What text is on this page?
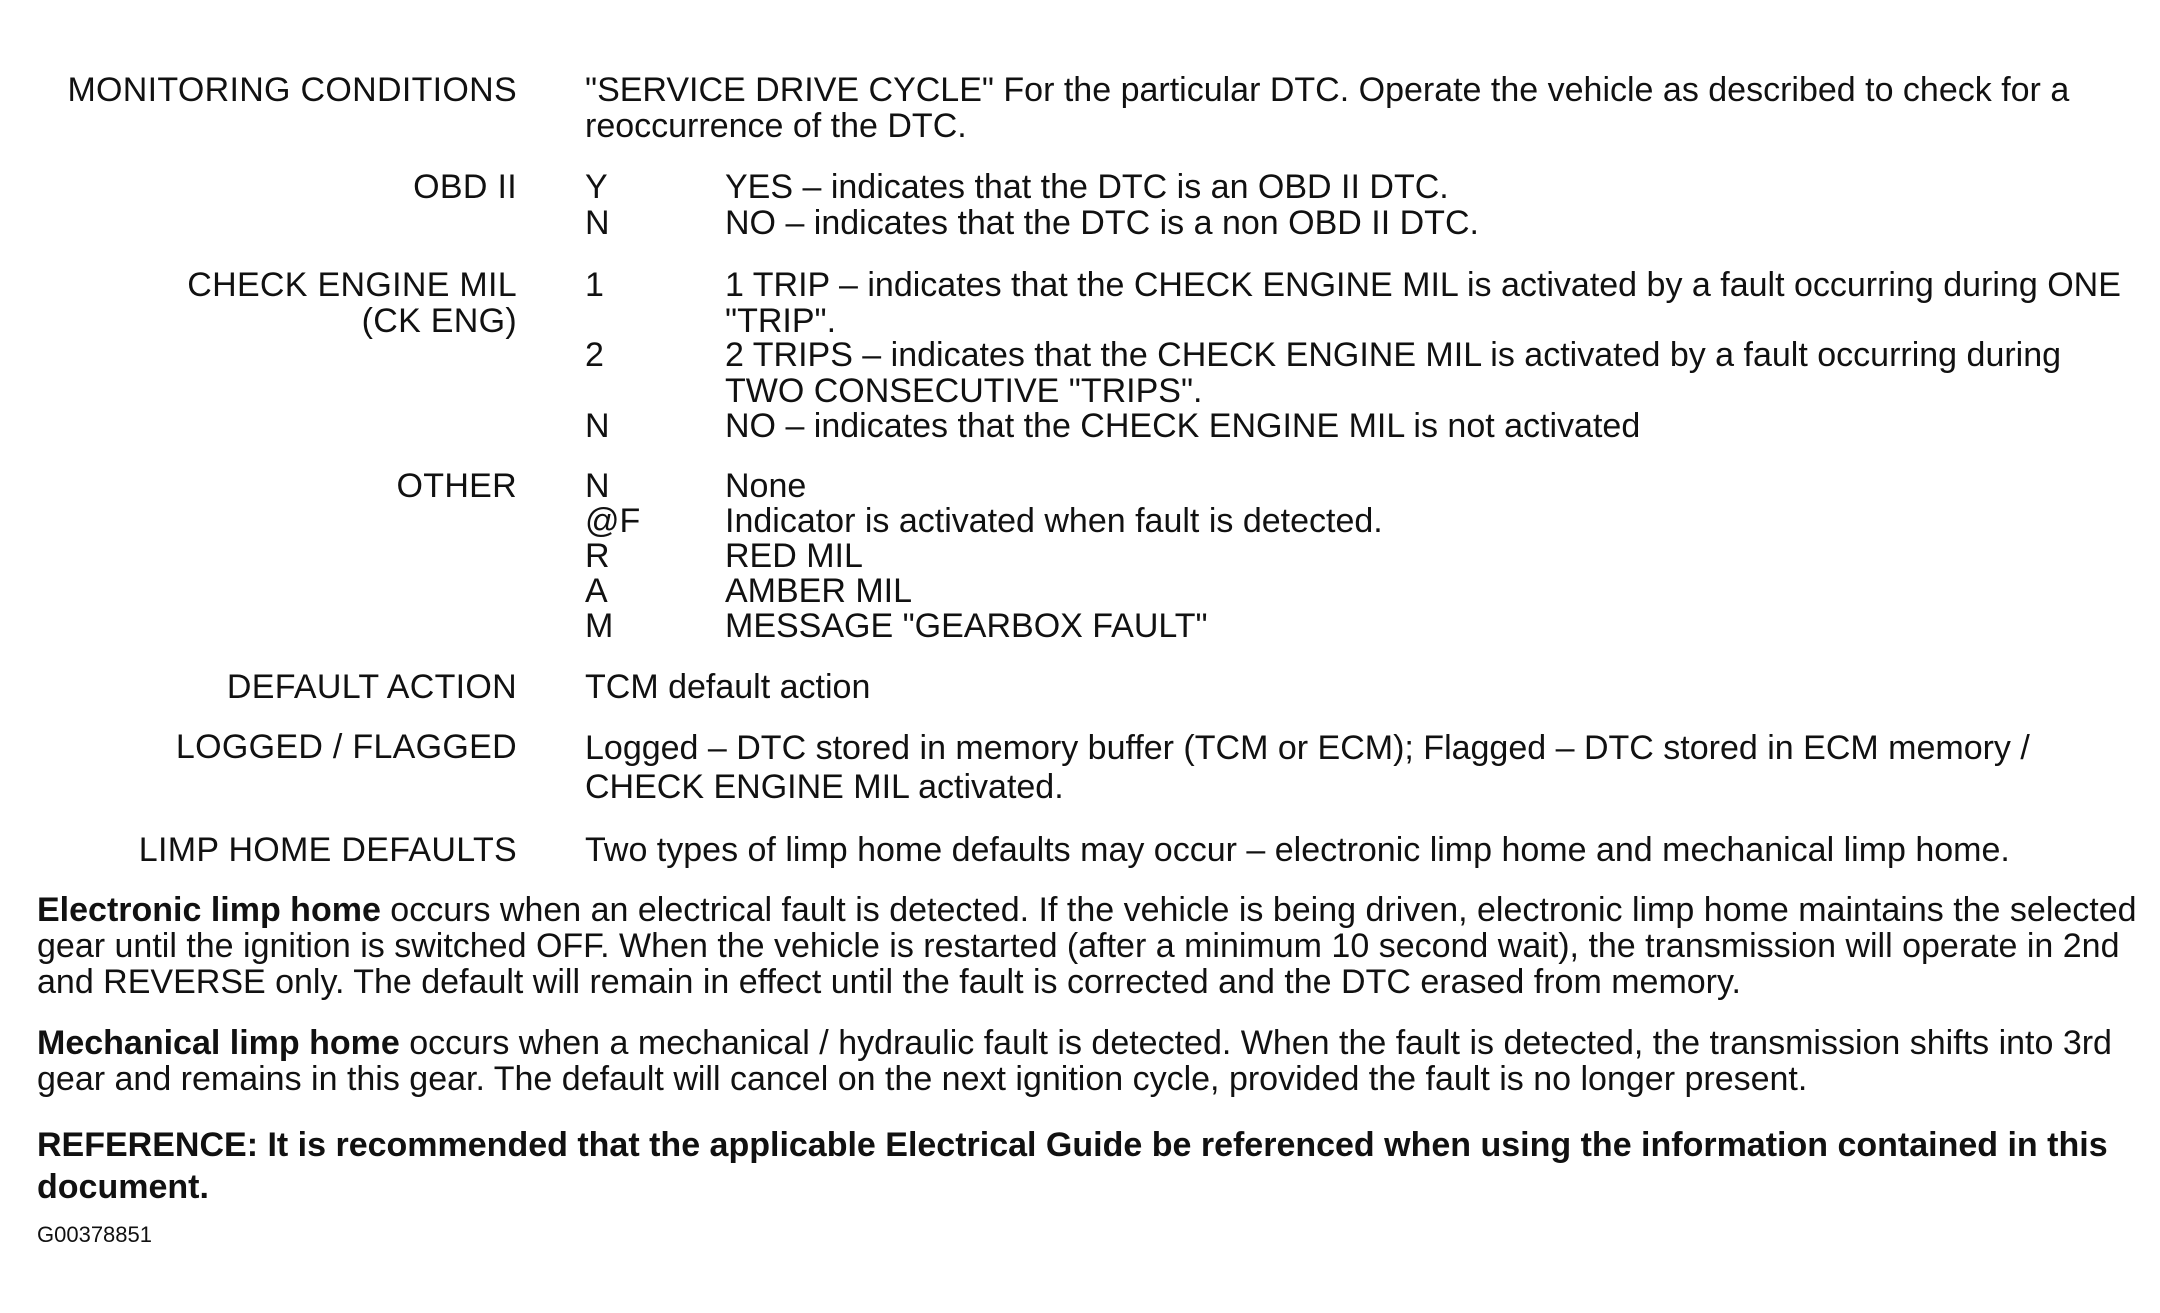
MONITORING CONDITIONS "SERVICE DRIVE CYCLE" For the particular DTC. Operate the vehicle as described to check for a reoccurrence of the DTC.
OBD II Y	YES – indicates that the DTC is an OBD II DTC.
N	NO – indicates that the DTC is a non OBD II DTC.
CHECK ENGINE MIL
(CK ENG)
1	1 TRIP – indicates that the CHECK ENGINE MIL is activated by a fault occurring during ONE "TRIP".
2	2 TRIPS – indicates that the CHECK ENGINE MIL is activated by a fault occurring during TWO CONSECUTIVE "TRIPS".
N	NO – indicates that the CHECK ENGINE MIL is not activated
OTHER N	None
@F	Indicator is activated when fault is detected.
R	RED MIL
A	AMBER MIL
M	MESSAGE "GEARBOX FAULT"
DEFAULT ACTION TCM default action
LOGGED / FLAGGED Logged – DTC stored in memory buffer (TCM or ECM); Flagged – DTC stored in ECM memory / CHECK ENGINE MIL activated.
LIMP HOME DEFAULTS Two types of limp home defaults may occur – electronic limp home and mechanical limp home.
Electronic limp home occurs when an electrical fault is detected. If the vehicle is being driven, electronic limp home maintains the selected gear until the ignition is switched OFF. When the vehicle is restarted (after a minimum 10 second wait), the transmission will operate in 2nd and REVERSE only. The default will remain in effect until the fault is corrected and the DTC erased from memory.
Mechanical limp home occurs when a mechanical / hydraulic fault is detected. When the fault is detected, the transmission shifts into 3rd gear and remains in this gear. The default will cancel on the next ignition cycle, provided the fault is no longer present.
REFERENCE: It is recommended that the applicable Electrical Guide be referenced when using the information contained in this document.
G00378851
